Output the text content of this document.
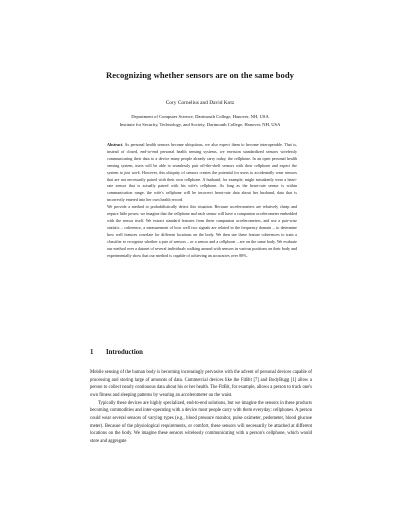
Recognizing whether sensors are on the same body
Cory Cornelius and David Kotz
Department of Computer Science, Dartmouth College, Hanover, NH, USA
Institute for Security, Technology, and Society, Dartmouth College, Hanover, NH, USA

Abstract. As personal health sensors become ubiquitous, we also expect them to become interoperable. That is, instead of closed, end-to-end personal health sensing systems, we envision standardized sensors wirelessly communicating their data to a device many people already carry today, the cellphone. In an open personal health sensing system, users will be able to seamlessly pair off-the-shelf sensors with their cellphone and expect the system to just work. However, this ubiquity of sensors creates the potential for users to accidentally wear sensors that are not necessarily paired with their own cellphone. A husband, for example, might mistakenly wear a heart-rate sensor that is actually paired with his wife's cellphone. As long as the heart-rate sensor is within communication range, the wife's cellphone will be incorrect heart-rate data about her husband, data that is incorrectly entered into her own health record.

We provide a method to probabilistically detect this situation. Because accelerometers are relatively cheap and require little power, we imagine that the cellphone and each sensor will have a companion accelerometer embedded with the sensor itself. We extract standard features from these companion accelerometers, and use a pair-wise statistic – coherence, a measurement of how well two signals are related in the frequency domain – to determine how well features correlate for different locations on the body. We then use these feature coherences to train a classifier to recognize whether a pair of sensors – or a sensor and a cellphone – are on the same body. We evaluate our method over a dataset of several individuals walking around with sensors in various positions on their body and experimentally show that our method is capable of achieving an accuracies over 80%.

1 Introduction

Mobile sensing of the human body is becoming increasingly pervasive with the advent of personal devices capable of processing and storing large of amounts of data. Commercial devices like the FitBit [7] and BodyBugg [1] allow a person to collect nearly continuous data about his or her health. The FitBit, for example, allows a person to track one's own fitness and sleeping patterns by wearing an accelerometer on the waist.

Typically these devices are highly specialized, end-to-end solutions, but we imagine the sensors in these products becoming commodities and inter-operating with a device most people carry with them everyday: cellphones. A person could wear several sensors of varying types (e.g., blood pressure monitor, pulse oximeter, pedometer, blood glucose meter). Because of the physiological requirements, or comfort, these sensors will necessarily be attached at different locations on the body. We imagine these sensors wirelessly communicating with a person's cellphone, which would store and aggregate
